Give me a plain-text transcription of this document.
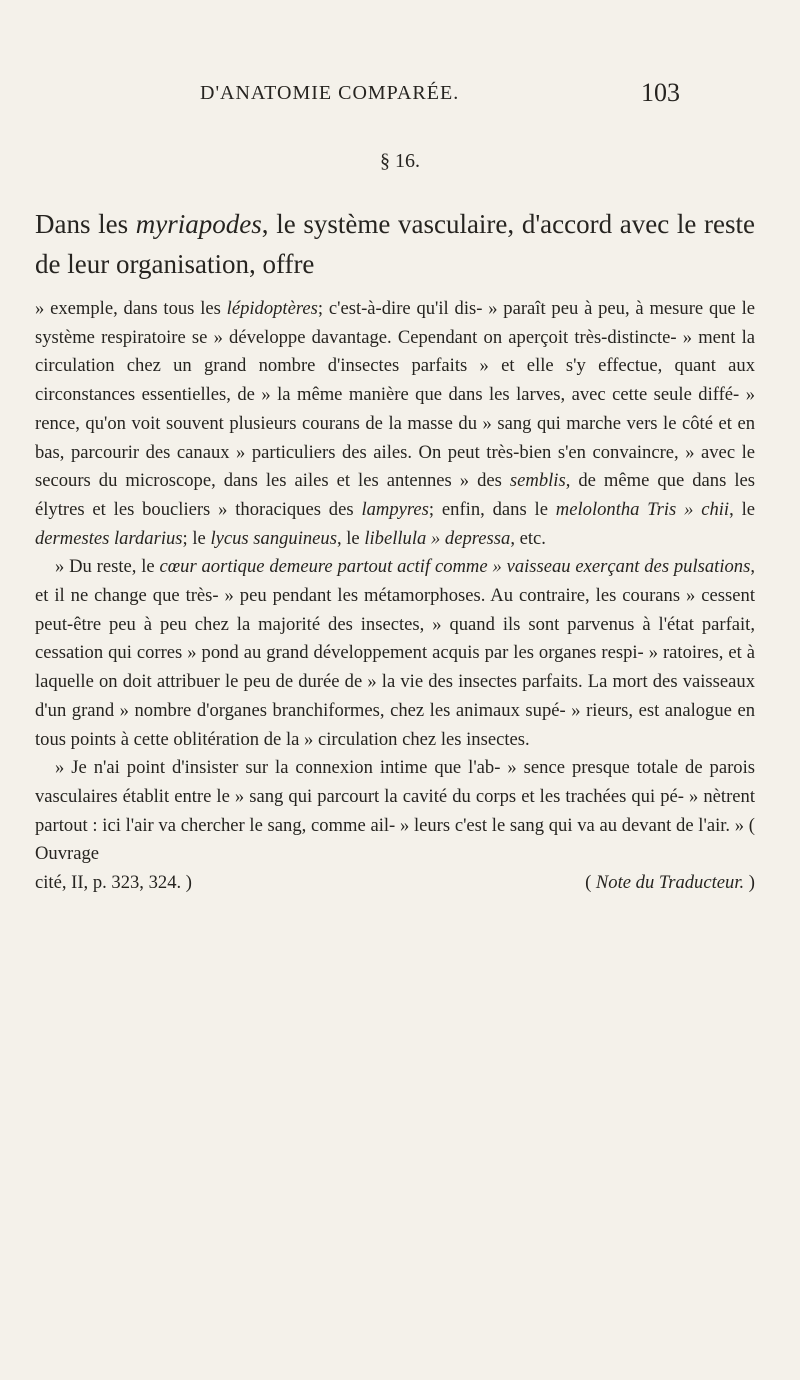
D'ANATOMIE COMPARÉE.	103
§ 16.

Dans les myriapodes, le système vasculaire, d'accord avec le reste de leur organisation, offre

» exemple, dans tous les lépidoptères; c'est-à-dire qu'il dis- » paraît peu à peu, à mesure que le système respiratoire se » développe davantage. Cependant on aperçoit très-distincte- » ment la circulation chez un grand nombre d'insectes parfaits » et elle s'y effectue, quant aux circonstances essentielles, de » la même manière que dans les larves, avec cette seule diffé- » rence, qu'on voit souvent plusieurs courans de la masse du » sang qui marche vers le côté et en bas, parcourir des canaux » particuliers des ailes. On peut très-bien s'en convaincre, » avec le secours du microscope, dans les ailes et les antennes » des semblis, de même que dans les élytres et les boucliers » thoraciques des lampyres; enfin, dans le melolontha Tris » chii, le dermestes lardarius; le lycus sanguineus, le libellula » depressa, etc.

» Du reste, le cœur aortique demeure partout actif comme » vaisseau exerçant des pulsations, et il ne change que très- » peu pendant les métamorphoses. Au contraire, les courans » cessent peut-être peu à peu chez la majorité des insectes, » quand ils sont parvenus à l'état parfait, cessation qui corres » pond au grand développement acquis par les organes respi- » ratoires, et à laquelle on doit attribuer le peu de durée de » la vie des insectes parfaits. La mort des vaisseaux d'un grand » nombre d'organes branchiformes, chez les animaux supé- » rieurs, est analogue en tous points à cette oblitération de la » circulation chez les insectes.

» Je n'ai point d'insister sur la connexion intime que l'ab- » sence presque totale de parois vasculaires établit entre le » sang qui parcourt la cavité du corps et les trachées qui pé- » nètrent partout : ici l'air va chercher le sang, comme ail- » leurs c'est le sang qui va au devant de l'air. » ( Ouvrage

cité, II, p. 323, 324. )	( Note du Traducteur. )
